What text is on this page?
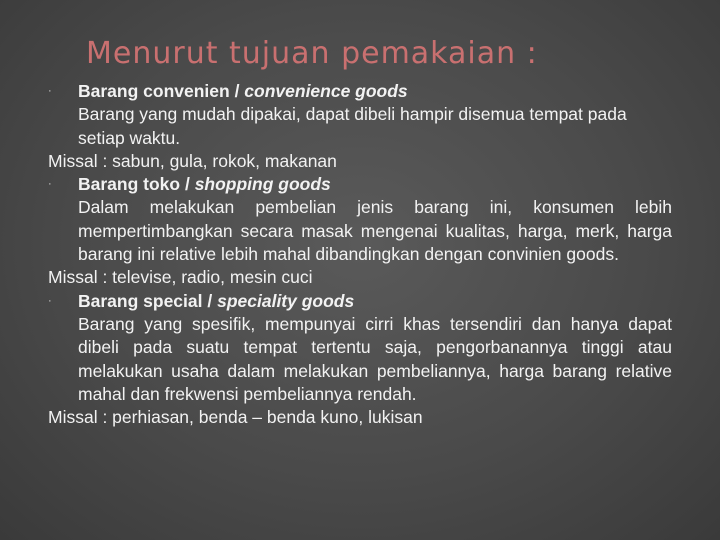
Menurut tujuan pemakaian :
·	Barang convenien / convenience goods
Barang yang mudah dipakai, dapat dibeli hampir disemua tempat pada setiap waktu.
Missal : sabun, gula, rokok, makanan
·	Barang toko / shopping goods
Dalam melakukan pembelian jenis barang ini, konsumen lebih mempertimbangkan secara masak mengenai kualitas, harga, merk, harga barang ini relative lebih mahal dibandingkan dengan convinien goods.
Missal : televise, radio, mesin cuci
·	Barang special / speciality goods
Barang yang spesifik, mempunyai cirri khas tersendiri dan hanya dapat dibeli pada suatu tempat tertentu saja, pengorbanannya tinggi atau melakukan usaha dalam melakukan pembeliannya, harga barang relative mahal dan frekwensi pembeliannya rendah.
Missal : perhiasan, benda – benda kuno, lukisan
